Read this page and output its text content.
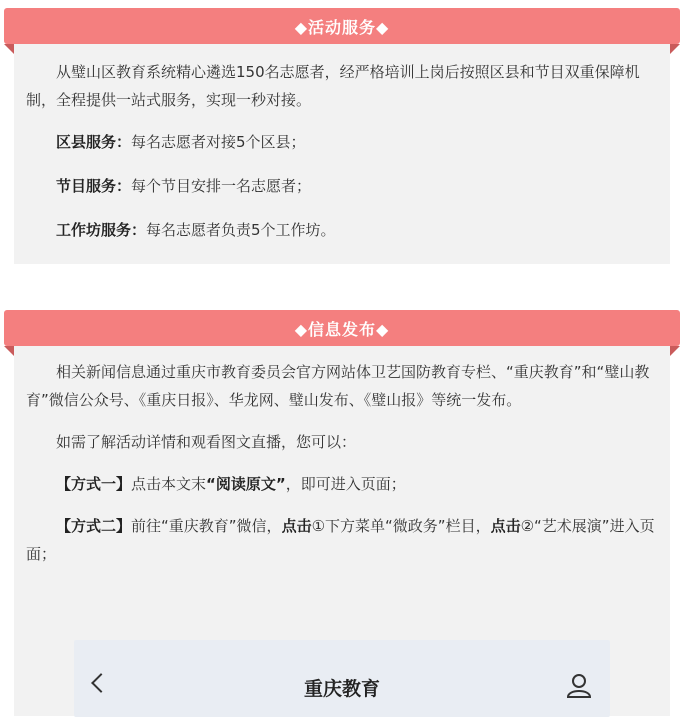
◆活动服务◆

从璧山区教育系统精心遴选150名志愿者，经严格培训上岗后按照区县和节目双重保障机制，全程提供一站式服务，实现一秒对接。

区县服务：每名志愿者对接5个区县；

节目服务：每个节目安排一名志愿者；

工作坊服务：每名志愿者负责5个工作坊。

◆信息发布◆

相关新闻信息通过重庆市教育委员会官方网站体卫艺国防教育专栏、“重庆教育”和“璧山教育”微信公众号、《重庆日报》、华龙网、璧山发布、《璧山报》等统一发布。

如需了解活动详情和观看图文直播，您可以：

【方式一】点击本文末“阅读原文”，即可进入页面；

【方式二】前往“重庆教育”微信，点击①下方菜单“微政务”栏目，点击②“艺术展演”进入页面；

重庆教育
